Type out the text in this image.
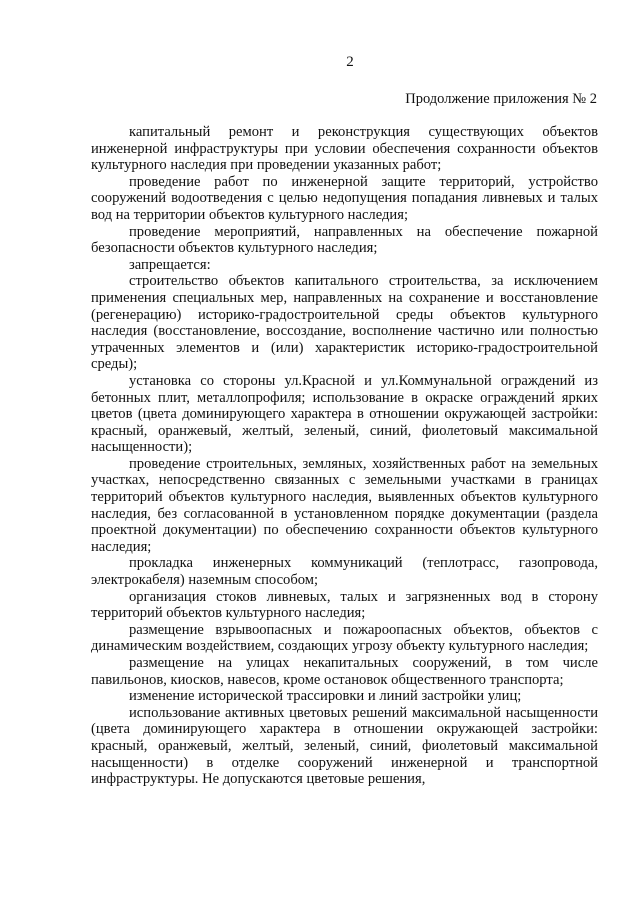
2
Продолжение приложения № 2

капитальный ремонт и реконструкция существующих объектов инженерной инфраструктуры при условии обеспечения сохранности объектов культурного наследия при проведении указанных работ;

проведение работ по инженерной защите территорий, устройство сооружений водоотведения с целью недопущения попадания ливневых и талых вод на территории объектов культурного наследия;

проведение мероприятий, направленных на обеспечение пожарной безопасности объектов культурного наследия;

запрещается:

строительство объектов капитального строительства, за исключением применения специальных мер, направленных на сохранение и восстановление (регенерацию) историко-градостроительной среды объектов культурного наследия (восстановление, воссоздание, восполнение частично или полностью утраченных элементов и (или) характеристик историко-градостроительной среды);

установка со стороны ул.Красной и ул.Коммунальной ограждений из бетонных плит, металлопрофиля; использование в окраске ограждений ярких цветов (цвета доминирующего характера в отношении окружающей застройки: красный, оранжевый, желтый, зеленый, синий, фиолетовый максимальной насыщенности);

проведение строительных, земляных, хозяйственных работ на земельных участках, непосредственно связанных с земельными участками в границах территорий объектов культурного наследия, выявленных объектов культурного наследия, без согласованной в установленном порядке документации (раздела проектной документации) по обеспечению сохранности объектов культурного наследия;

прокладка инженерных коммуникаций (теплотрасс, газопровода, электрокабеля) наземным способом;

организация стоков ливневых, талых и загрязненных вод в сторону территорий объектов культурного наследия;

размещение взрывоопасных и пожароопасных объектов, объектов с динамическим воздействием, создающих угрозу объекту культурного наследия;

размещение на улицах некапитальных сооружений, в том числе павильонов, киосков, навесов, кроме остановок общественного транспорта;

изменение исторической трассировки и линий застройки улиц;

использование активных цветовых решений максимальной насыщенности (цвета доминирующего характера в отношении окружающей застройки: красный, оранжевый, желтый, зеленый, синий, фиолетовый максимальной насыщенности) в отделке сооружений инженерной и транспортной инфраструктуры. Не допускаются цветовые решения,
